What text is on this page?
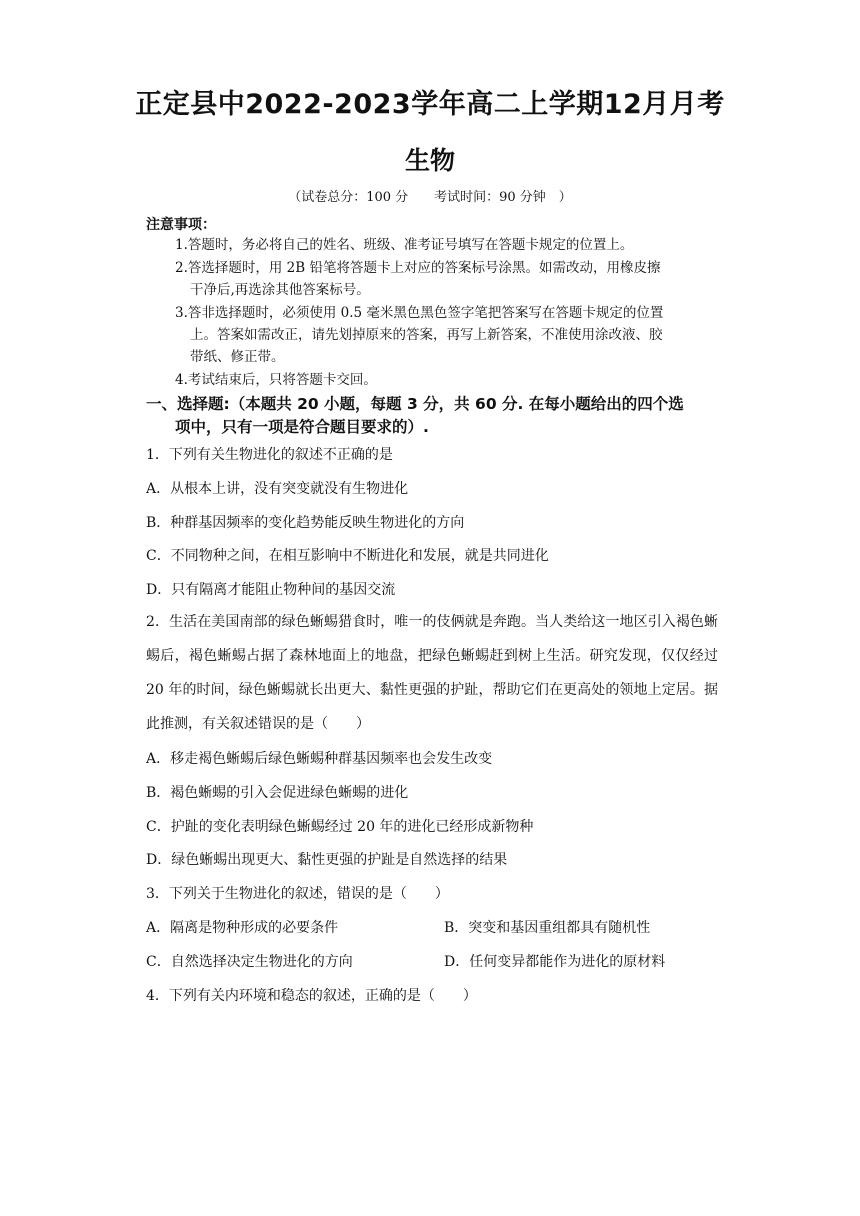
正定县中2022-2023学年高二上学期12月月考
生物
（试卷总分：100 分　　考试时间：90 分钟　）
注意事项：
1.答题时，务必将自己的姓名、班级、准考证号填写在答题卡规定的位置上。
2.答选择题时，用 2B 铅笔将答题卡上对应的答案标号涂黑。如需改动，用橡皮擦
干净后,再选涂其他答案标号。
3.答非选择题时，必须使用 0.5 毫米黑色黑色签字笔把答案写在答题卡规定的位置
上。答案如需改正，请先划掉原来的答案，再写上新答案，不准使用涂改液、胶
带纸、修正带。
4.考试结束后，只将答题卡交回。
一、选择题:（本题共 20 小题，每题 3 分，共 60 分. 在每小题给出的四个选
项中，只有一项是符合题目要求的）.
1．下列有关生物进化的叙述不正确的是
A．从根本上讲，没有突变就没有生物进化
B．种群基因频率的变化趋势能反映生物进化的方向
C．不同物种之间，在相互影响中不断进化和发展，就是共同进化
D．只有隔离才能阻止物种间的基因交流
2．生活在美国南部的绿色蜥蜴猎食时，唯一的伎俩就是奔跑。当人类给这一地区引入褐色蜥蜴后，褐色蜥蜴占据了森林地面上的地盘，把绿色蜥蜴赶到树上生活。研究发现，仅仅经过 20 年的时间，绿色蜥蜴就长出更大、黏性更强的护趾，帮助它们在更高处的领地上定居。据此推测，有关叙述错误的是（　　）
A．移走褐色蜥蜴后绿色蜥蜴种群基因频率也会发生改变
B．褐色蜥蜴的引入会促进绿色蜥蜴的进化
C．护趾的变化表明绿色蜥蜴经过 20 年的进化已经形成新物种
D．绿色蜥蜴出现更大、黏性更强的护趾是自然选择的结果
3．下列关于生物进化的叙述，错误的是（　　）
A．隔离是物种形成的必要条件	B．突变和基因重组都具有随机性
C．自然选择决定生物进化的方向	D．任何变异都能作为进化的原材料
4．下列有关内环境和稳态的叙述，正确的是（　　）
